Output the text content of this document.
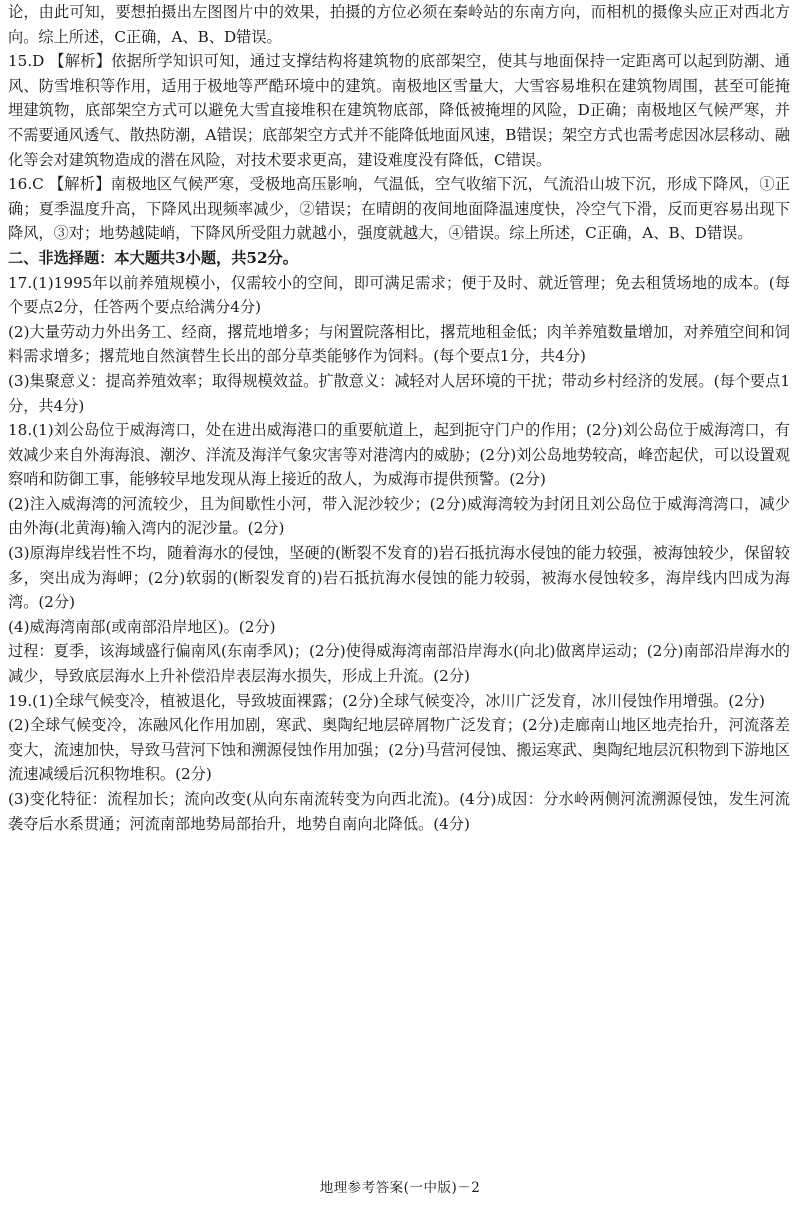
论，由此可知，要想拍摄出左图图片中的效果，拍摄的方位必须在秦岭站的东南方向，而相机的摄像头应正对西北方向。综上所述，C正确，A、B、D错误。

15.D 【解析】依据所学知识可知，通过支撑结构将建筑物的底部架空，使其与地面保持一定距离可以起到防潮、通风、防雪堆积等作用，适用于极地等严酷环境中的建筑。南极地区雪量大，大雪容易堆积在建筑物周围，甚至可能掩埋建筑物，底部架空方式可以避免大雪直接堆积在建筑物底部，降低被掩埋的风险，D正确；南极地区气候严寒，并不需要通风透气、散热防潮，A错误；底部架空方式并不能降低地面风速，B错误；架空方式也需考虑因冰层移动、融化等会对建筑物造成的潜在风险，对技术要求更高，建设难度没有降低，C错误。

16.C 【解析】南极地区气候严寒，受极地高压影响，气温低，空气收缩下沉，气流沿山坡下沉，形成下降风，①正确；夏季温度升高，下降风出现频率减少，②错误；在晴朗的夜间地面降温速度快，冷空气下滑，反而更容易出现下降风，③对；地势越陡峭，下降风所受阻力就越小，强度就越大，④错误。综上所述，C正确，A、B、D错误。

二、非选择题：本大题共3小题，共52分。

17.(1)1995年以前养殖规模小，仅需较小的空间，即可满足需求；便于及时、就近管理；免去租赁场地的成本。(每个要点2分，任答两个要点给满分4分)

(2)大量劳动力外出务工、经商，撂荒地增多；与闲置院落相比，撂荒地租金低；肉羊养殖数量增加，对养殖空间和饲料需求增多；撂荒地自然演替生长出的部分草类能够作为饲料。(每个要点1分，共4分)

(3)集聚意义：提高养殖效率；取得规模效益。扩散意义：减轻对人居环境的干扰；带动乡村经济的发展。(每个要点1分，共4分)

18.(1)刘公岛位于威海湾口，处在进出威海港口的重要航道上，起到扼守门户的作用；(2分)刘公岛位于威海湾口，有效减少来自外海海浪、潮汐、洋流及海洋气象灾害等对港湾内的威胁；(2分)刘公岛地势较高，峰峦起伏，可以设置观察哨和防御工事，能够较早地发现从海上接近的敌人，为威海市提供预警。(2分)

(2)注入威海湾的河流较少，且为间歇性小河，带入泥沙较少；(2分)威海湾较为封闭且刘公岛位于威海湾湾口，减少由外海(北黄海)输入湾内的泥沙量。(2分)

(3)原海岸线岩性不均，随着海水的侵蚀，坚硬的(断裂不发育的)岩石抵抗海水侵蚀的能力较强，被海蚀较少，保留较多，突出成为海岬；(2分)软弱的(断裂发育的)岩石抵抗海水侵蚀的能力较弱，被海水侵蚀较多，海岸线内凹成为海湾。(2分)

(4)威海湾南部(或南部沿岸地区)。(2分)

过程：夏季，该海域盛行偏南风(东南季风)；(2分)使得威海湾南部沿岸海水(向北)做离岸运动；(2分)南部沿岸海水的减少，导致底层海水上升补偿沿岸表层海水损失，形成上升流。(2分)

19.(1)全球气候变冷，植被退化，导致坡面裸露；(2分)全球气候变冷，冰川广泛发育，冰川侵蚀作用增强。(2分)

(2)全球气候变冷，冻融风化作用加剧，寒武、奥陶纪地层碎屑物广泛发育；(2分)走廊南山地区地壳抬升，河流落差变大，流速加快，导致马营河下蚀和溯源侵蚀作用加强；(2分)马营河侵蚀、搬运寒武、奥陶纪地层沉积物到下游地区流速减缓后沉积物堆积。(2分)

(3)变化特征：流程加长；流向改变(从向东南流转变为向西北流)。(4分)成因：分水岭两侧河流溯源侵蚀，发生河流袭夺后水系贯通；河流南部地势局部抬升，地势自南向北降低。(4分)

地理参考答案(一中版)－2
